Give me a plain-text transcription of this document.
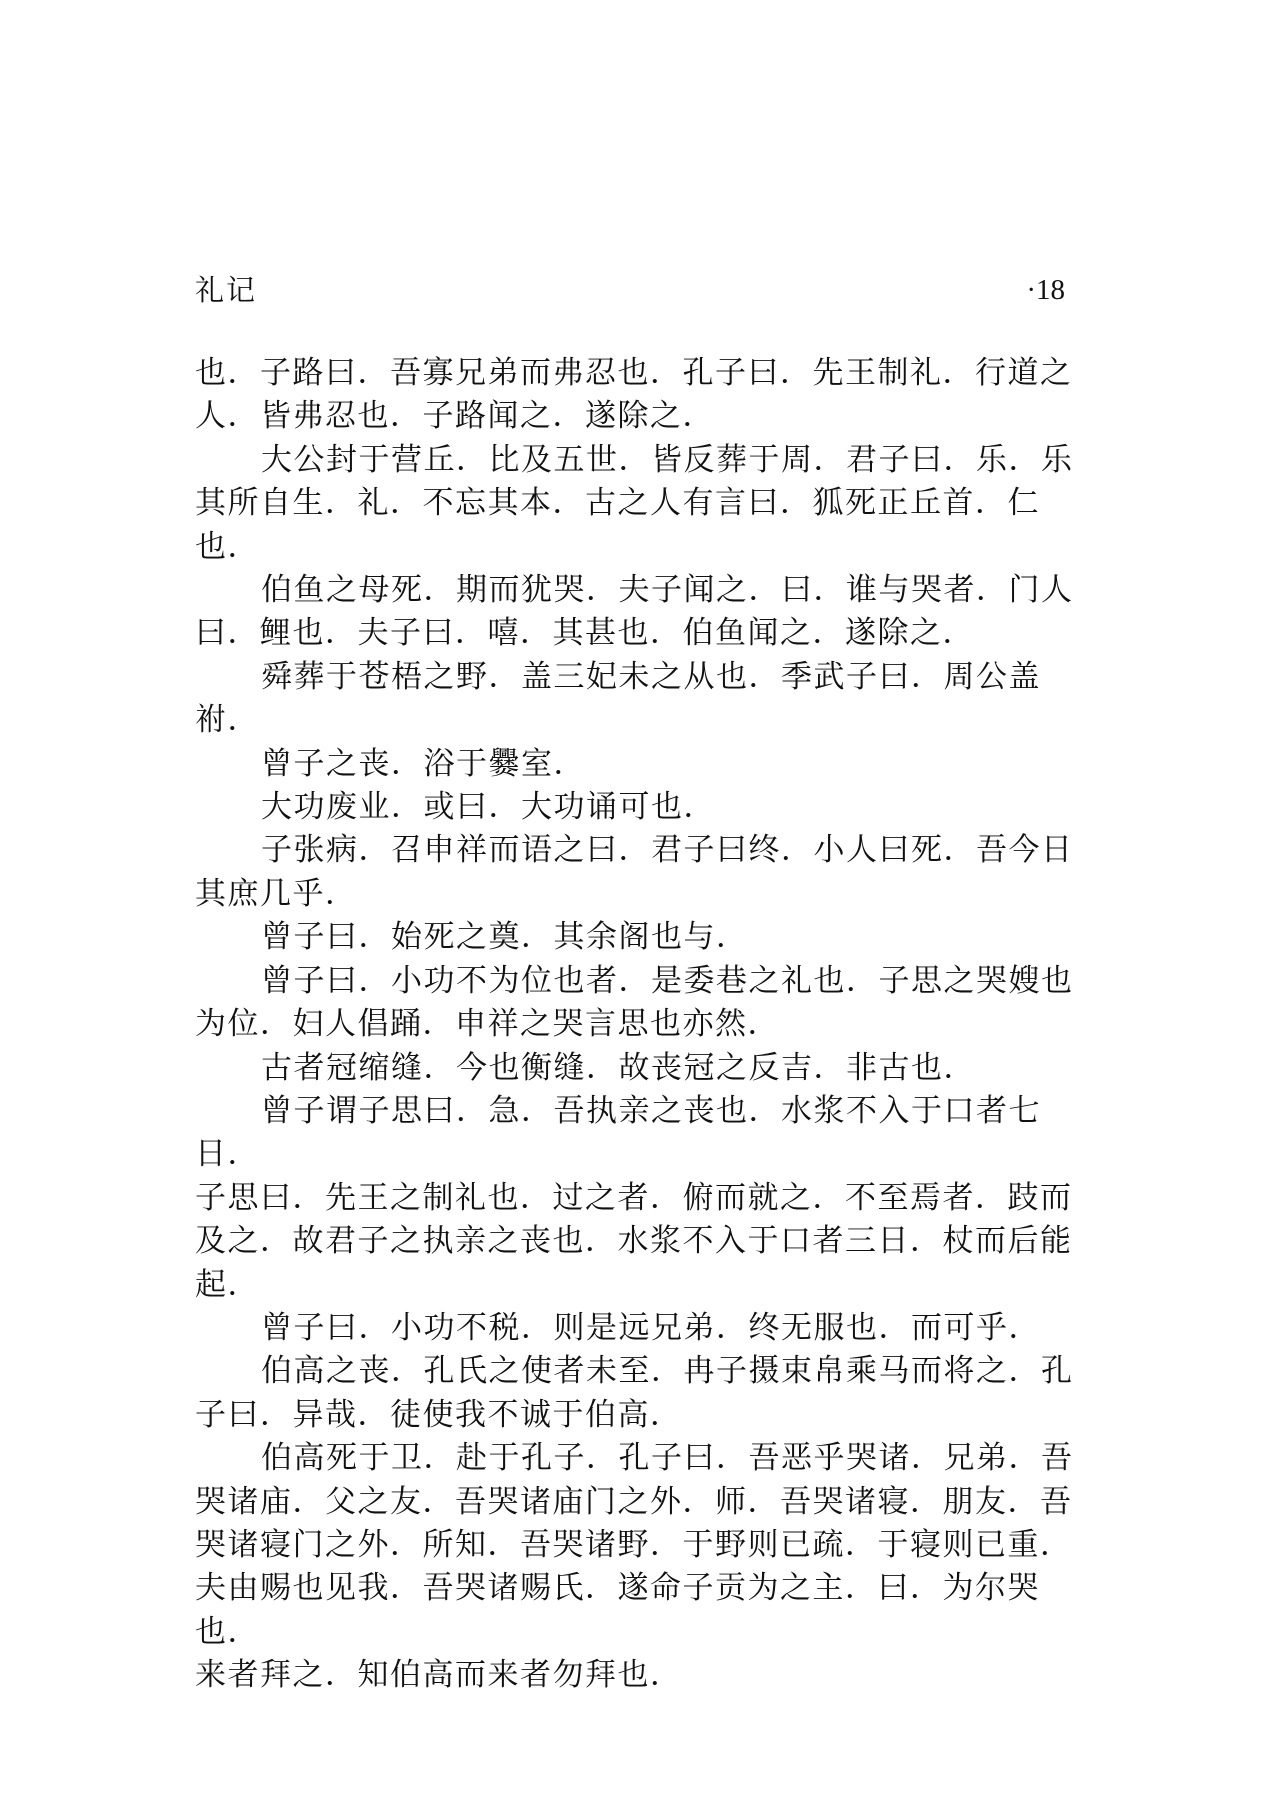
礼记	·18

也．子路曰．吾寡兄弟而弗忍也．孔子曰．先王制礼．行道之
人．皆弗忍也．子路闻之．遂除之．

大公封于营丘．比及五世．皆反葬于周．君子曰．乐．乐
其所自生．礼．不忘其本．古之人有言曰．狐死正丘首．仁也．

伯鱼之母死．期而犹哭．夫子闻之．曰．谁与哭者．门人
曰．鲤也．夫子曰．嘻．其甚也．伯鱼闻之．遂除之．

舜葬于苍梧之野．盖三妃未之从也．季武子曰．周公盖祔．

曾子之丧．浴于爨室．

大功废业．或曰．大功诵可也．

子张病．召申祥而语之曰．君子曰终．小人曰死．吾今日
其庶几乎．

曾子曰．始死之奠．其余阁也与．

曾子曰．小功不为位也者．是委巷之礼也．子思之哭嫂也
为位．妇人倡踊．申祥之哭言思也亦然．

古者冠缩缝．今也衡缝．故丧冠之反吉．非古也．

曾子谓子思曰．急．吾执亲之丧也．水浆不入于口者七日．
子思曰．先王之制礼也．过之者．俯而就之．不至焉者．跂而
及之．故君子之执亲之丧也．水浆不入于口者三日．杖而后能
起．

曾子曰．小功不税．则是远兄弟．终无服也．而可乎．

伯高之丧．孔氏之使者未至．冉子摄束帛乘马而将之．孔
子曰．异哉．徒使我不诚于伯高．

伯高死于卫．赴于孔子．孔子曰．吾恶乎哭诸．兄弟．吾
哭诸庙．父之友．吾哭诸庙门之外．师．吾哭诸寝．朋友．吾
哭诸寝门之外．所知．吾哭诸野．于野则已疏．于寝则已重．
夫由赐也见我．吾哭诸赐氏．遂命子贡为之主．曰．为尔哭也．
来者拜之．知伯高而来者勿拜也．
